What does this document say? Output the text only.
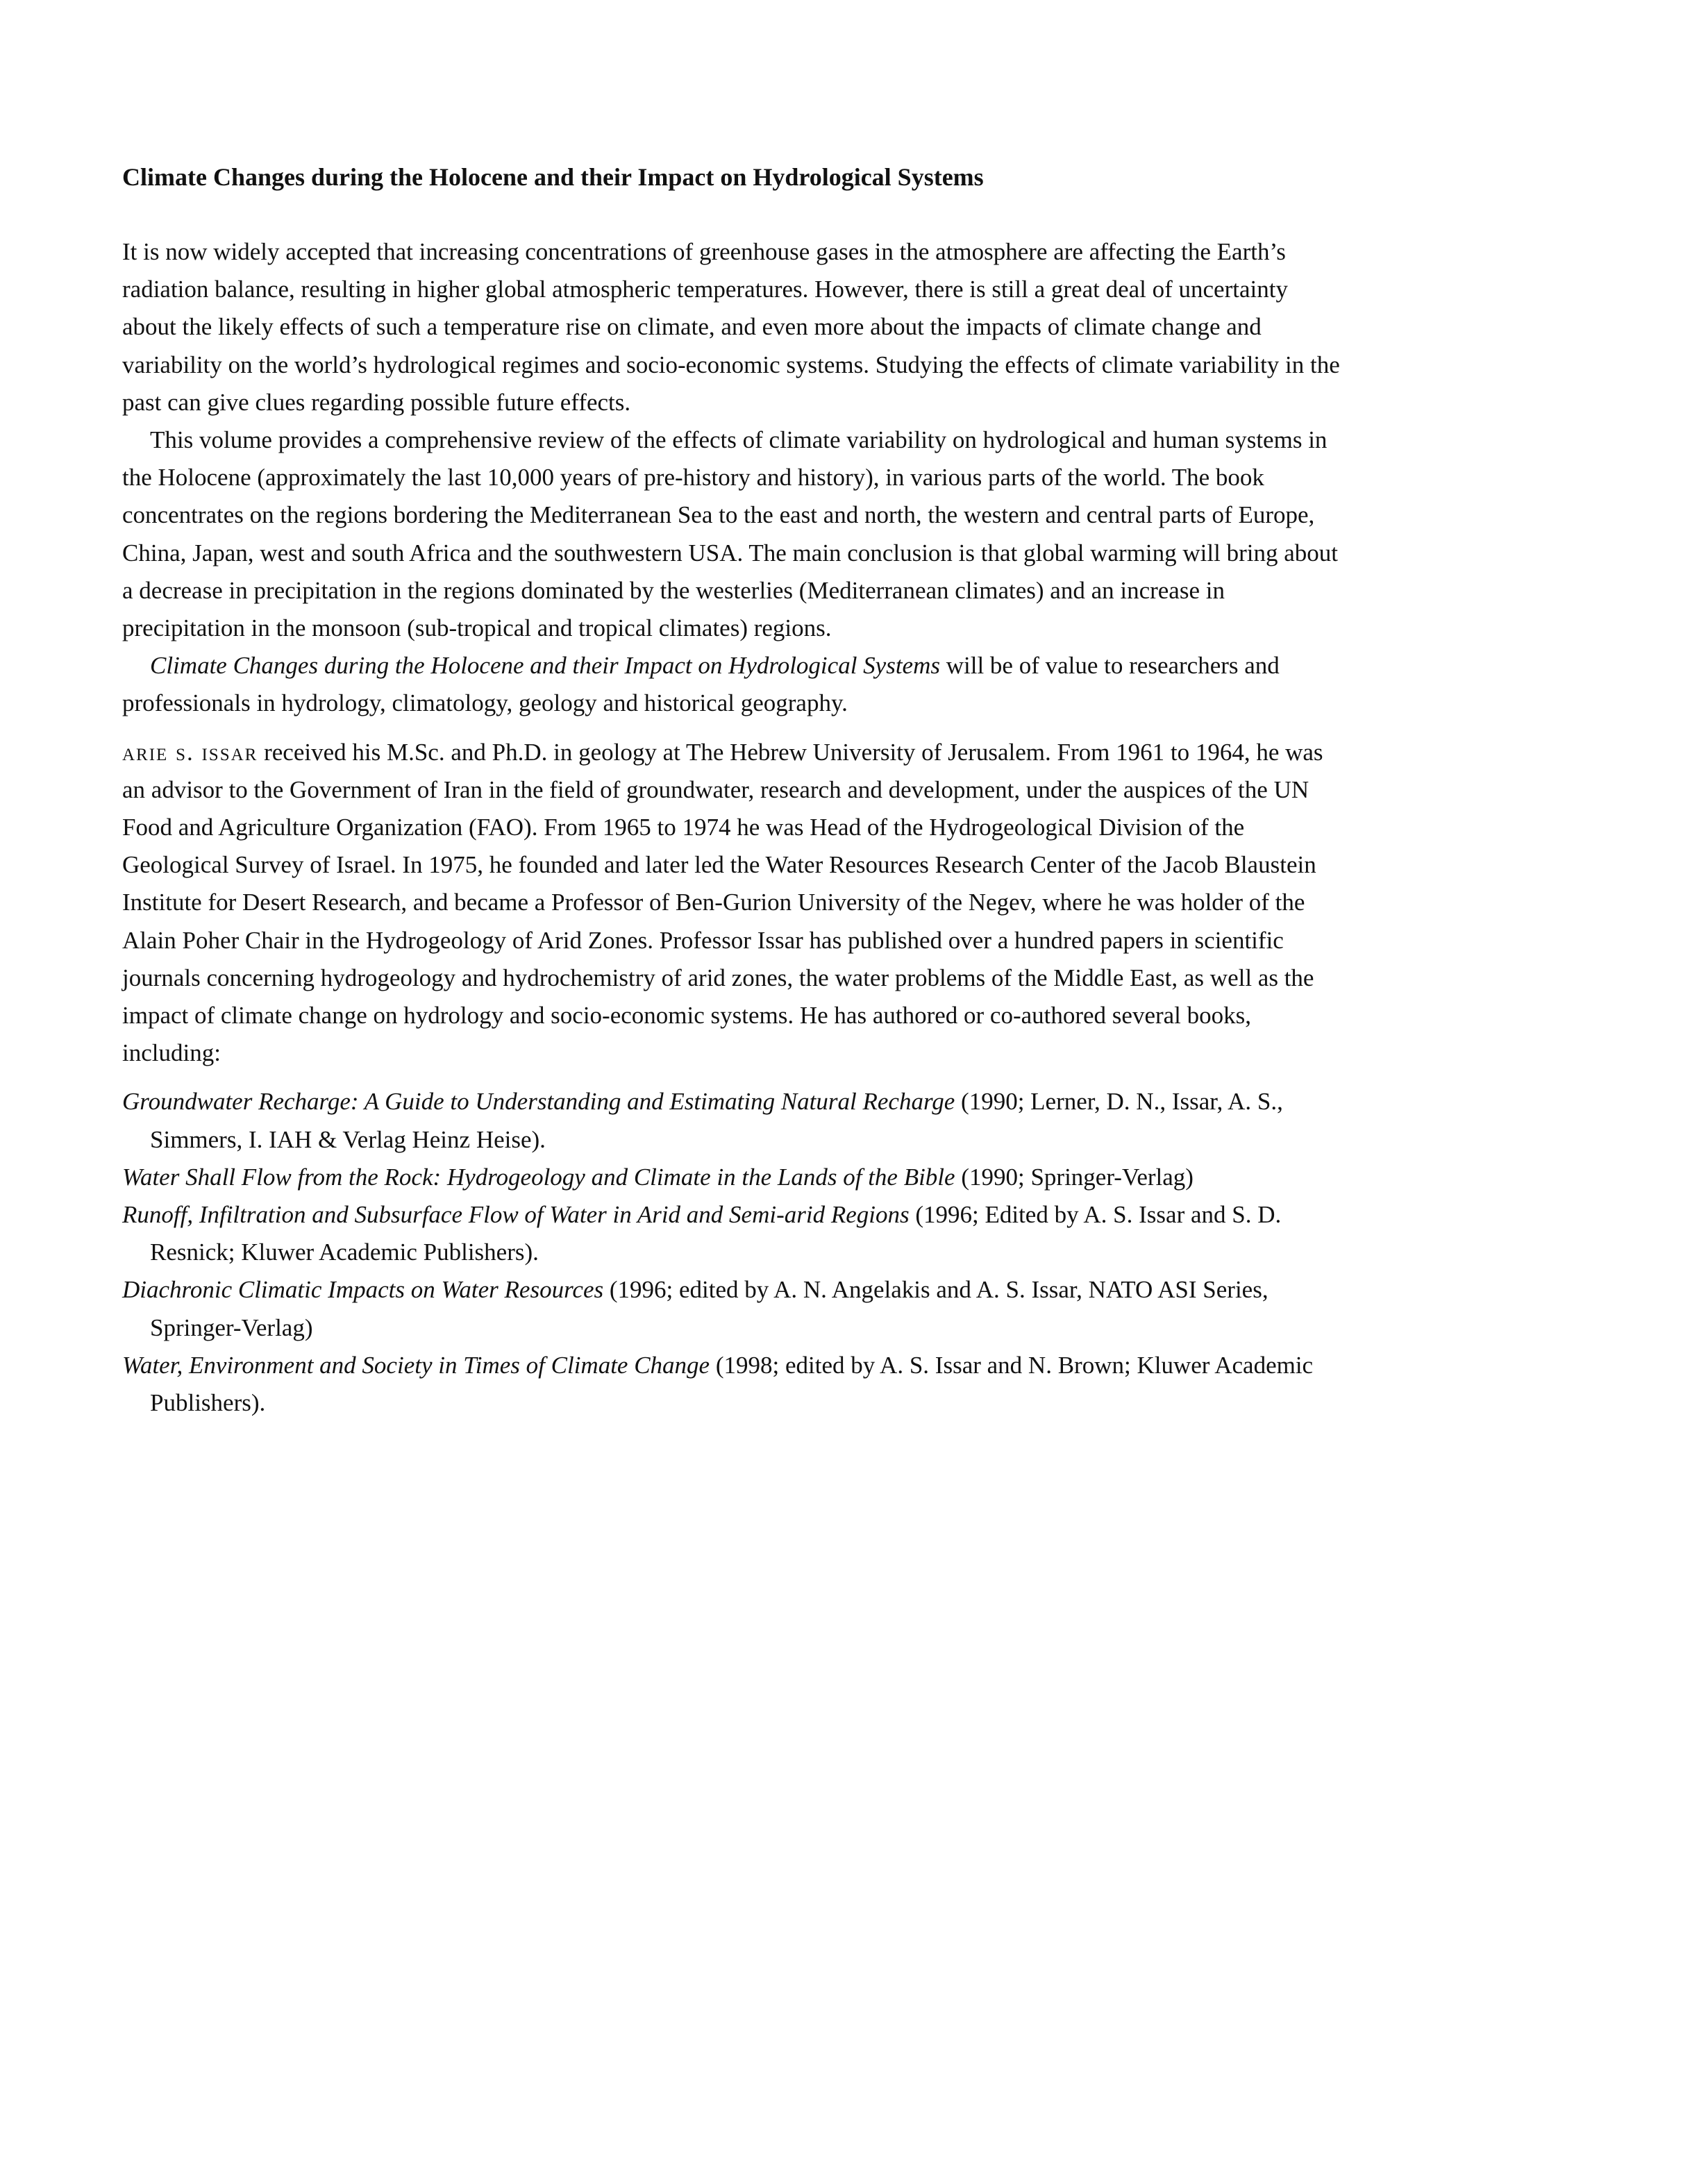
Climate Changes during the Holocene and their Impact on Hydrological Systems

It is now widely accepted that increasing concentrations of greenhouse gases in the atmosphere are affecting the Earth’s radiation balance, resulting in higher global atmospheric temperatures. However, there is still a great deal of uncertainty about the likely effects of such a temperature rise on climate, and even more about the impacts of climate change and variability on the world’s hydrological regimes and socio-economic systems. Studying the effects of climate variability in the past can give clues regarding possible future effects.

This volume provides a comprehensive review of the effects of climate variability on hydrological and human systems in the Holocene (approximately the last 10,000 years of pre-history and history), in various parts of the world. The book concentrates on the regions bordering the Mediterranean Sea to the east and north, the western and central parts of Europe, China, Japan, west and south Africa and the southwestern USA. The main conclusion is that global warming will bring about a decrease in precipitation in the regions dominated by the westerlies (Mediterranean climates) and an increase in precipitation in the monsoon (sub-tropical and tropical climates) regions.

Climate Changes during the Holocene and their Impact on Hydrological Systems will be of value to researchers and professionals in hydrology, climatology, geology and historical geography.

arie s. issar received his M.Sc. and Ph.D. in geology at The Hebrew University of Jerusalem. From 1961 to 1964, he was an advisor to the Government of Iran in the field of groundwater, research and development, under the auspices of the UN Food and Agriculture Organization (FAO). From 1965 to 1974 he was Head of the Hydrogeological Division of the Geological Survey of Israel. In 1975, he founded and later led the Water Resources Research Center of the Jacob Blaustein Institute for Desert Research, and became a Professor of Ben-Gurion University of the Negev, where he was holder of the Alain Poher Chair in the Hydrogeology of Arid Zones. Professor Issar has published over a hundred papers in scientific journals concerning hydrogeology and hydrochemistry of arid zones, the water problems of the Middle East, as well as the impact of climate change on hydrology and socio-economic systems. He has authored or co-authored several books, including:

Groundwater Recharge: A Guide to Understanding and Estimating Natural Recharge (1990; Lerner, D. N., Issar, A. S., Simmers, I. IAH & Verlag Heinz Heise).

Water Shall Flow from the Rock: Hydrogeology and Climate in the Lands of the Bible (1990; Springer-Verlag)

Runoff, Infiltration and Subsurface Flow of Water in Arid and Semi-arid Regions (1996; Edited by A. S. Issar and S. D. Resnick; Kluwer Academic Publishers).

Diachronic Climatic Impacts on Water Resources (1996; edited by A. N. Angelakis and A. S. Issar, NATO ASI Series, Springer-Verlag)

Water, Environment and Society in Times of Climate Change (1998; edited by A. S. Issar and N. Brown; Kluwer Academic Publishers).
